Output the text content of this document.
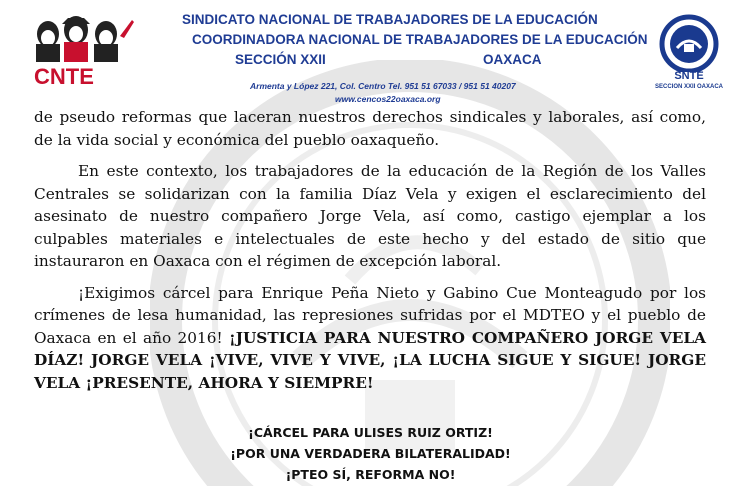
CNTE
SINDICATO NACIONAL DE TRABAJADORES DE LA EDUCACIÓN
COORDINADORA NACIONAL DE TRABAJADORES DE LA EDUCACIÓN
SECCIÓN XXII	OAXACA
Armenta y López 221, Col. Centro Tel. 951 51 67033 / 951 51 40207
www.cencos22oaxaca.org
SNTE
SECCION XXII OAXACA

de pseudo reformas que laceran nuestros derechos sindicales y laborales, así como, de la vida social y económica del pueblo oaxaqueño.

En este contexto, los trabajadores de la educación de la Región de los Valles Centrales se solidarizan con la familia Díaz Vela y exigen el esclarecimiento del asesinato de nuestro compañero Jorge Vela, así como, castigo ejemplar a los culpables materiales e intelectuales de este hecho y del estado de sitio que instauraron en Oaxaca con el régimen de excepción laboral.

¡Exigimos cárcel para Enrique Peña Nieto y Gabino Cue Monteagudo por los crímenes de lesa humanidad, las represiones sufridas por el MDTEO y el pueblo de Oaxaca en el año 2016! ¡JUSTICIA PARA NUESTRO COMPAÑERO JORGE VELA DÍAZ! JORGE VELA ¡VIVE, VIVE Y VIVE, ¡LA LUCHA SIGUE Y SIGUE! JORGE VELA ¡PRESENTE, AHORA Y SIEMPRE!

¡CÁRCEL PARA ULISES RUIZ ORTIZ!
¡POR UNA VERDADERA BILATERALIDAD!
¡PTEO SÍ, REFORMA NO!
